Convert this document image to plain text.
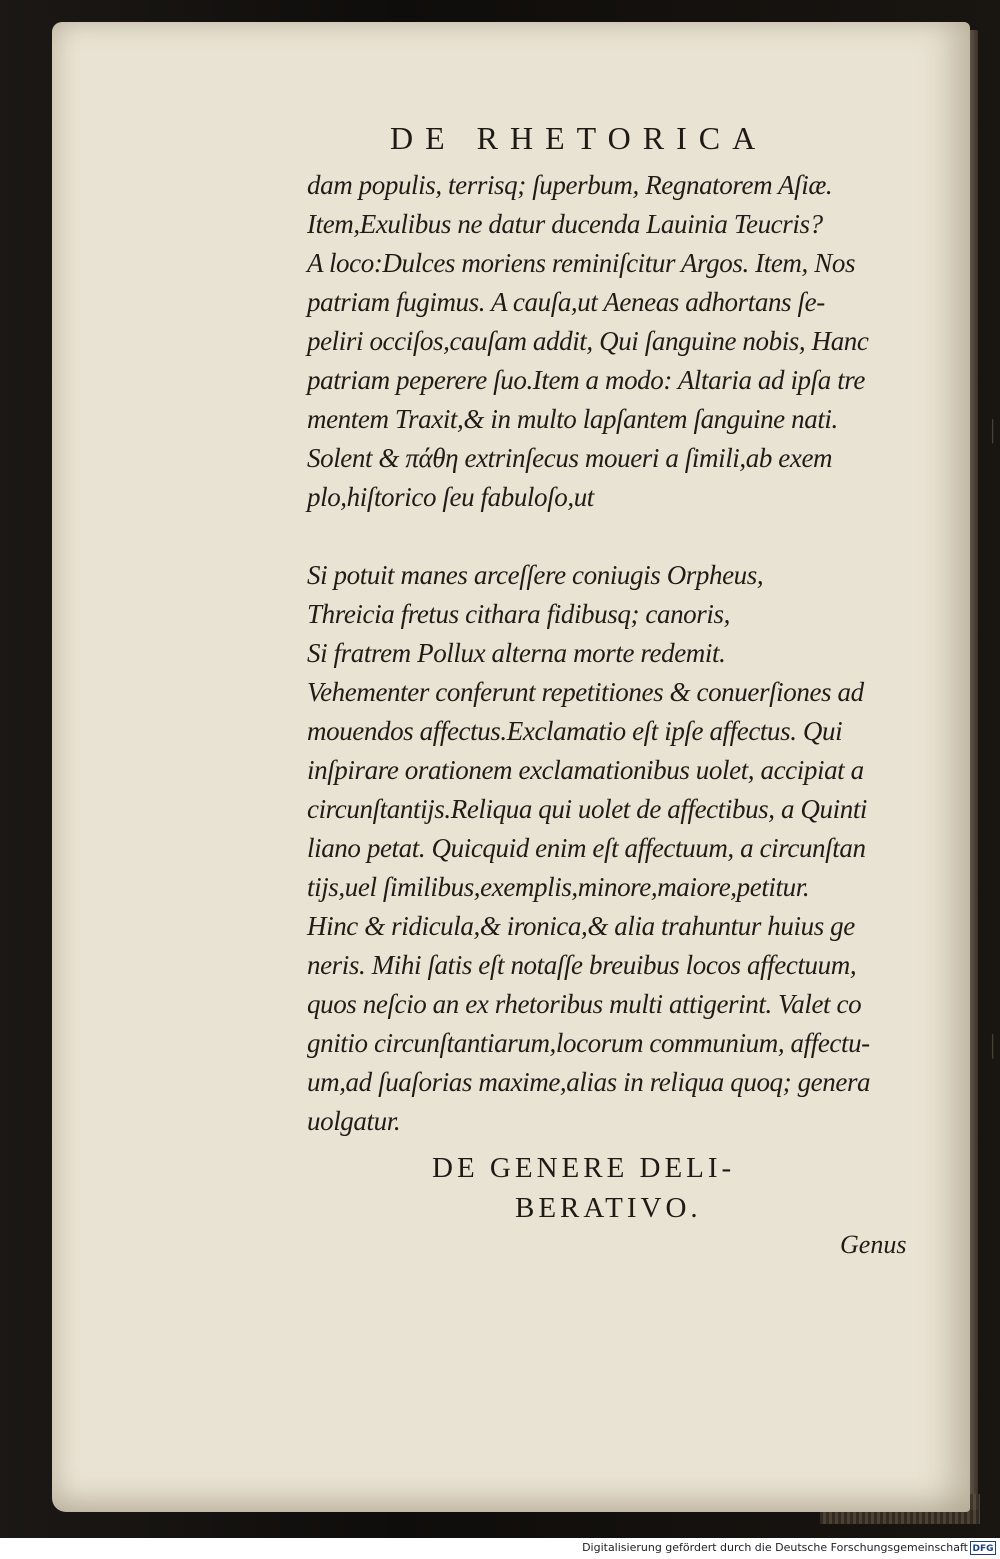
DE RHETORICA
dam populis, terrisq; ſuperbum, Regnatorem Aſiæ.
Item,Exulibus ne datur ducenda Lauinia Teucris?
A loco:Dulces moriens reminiſcitur Argos. Item, Nos
patriam fugimus. A cauſa,ut Aeneas adhortans ſe-
peliri occiſos,cauſam addit, Qui ſanguine nobis, Hanc
patriam peperere ſuo.Item a modo: Altaria ad ipſa tre
mentem Traxit,& in multo lapſantem ſanguine nati.
Solent & πάθη extrinſecus moueri a ſimili,ab exem
plo,hiſtorico ſeu fabuloſo,ut
Si potuit manes arceſſere coniugis Orpheus,
Threicia fretus cithara fidibusq; canoris,
Si fratrem Pollux alterna morte redemit.
Vehementer conferunt repetitiones & conuerſiones ad
mouendos affectus.Exclamatio eſt ipſe affectus. Qui
inſpirare orationem exclamationibus uolet, accipiat a
circunſtantijs.Reliqua qui uolet de affectibus, a Quinti
liano petat. Quicquid enim eſt affectuum, a circunſtan
tijs,uel ſimilibus,exemplis,minore,maiore,petitur.
Hinc & ridicula,& ironica,& alia trahuntur huius ge
neris. Mihi ſatis eſt notaſſe breuibus locos affectuum,
quos neſcio an ex rhetoribus multi attigerint. Valet co
gnitio circunſtantiarum,locorum communium, affectu-
um,ad ſuaſorias maxime,alias in reliqua quoq; genera
uolgatur.
DE GENERE DELI-
BERATIVO.
Genus
|
|
Digitalisierung gefördert durch die Deutsche Forschungsgemeinschaft DFG
